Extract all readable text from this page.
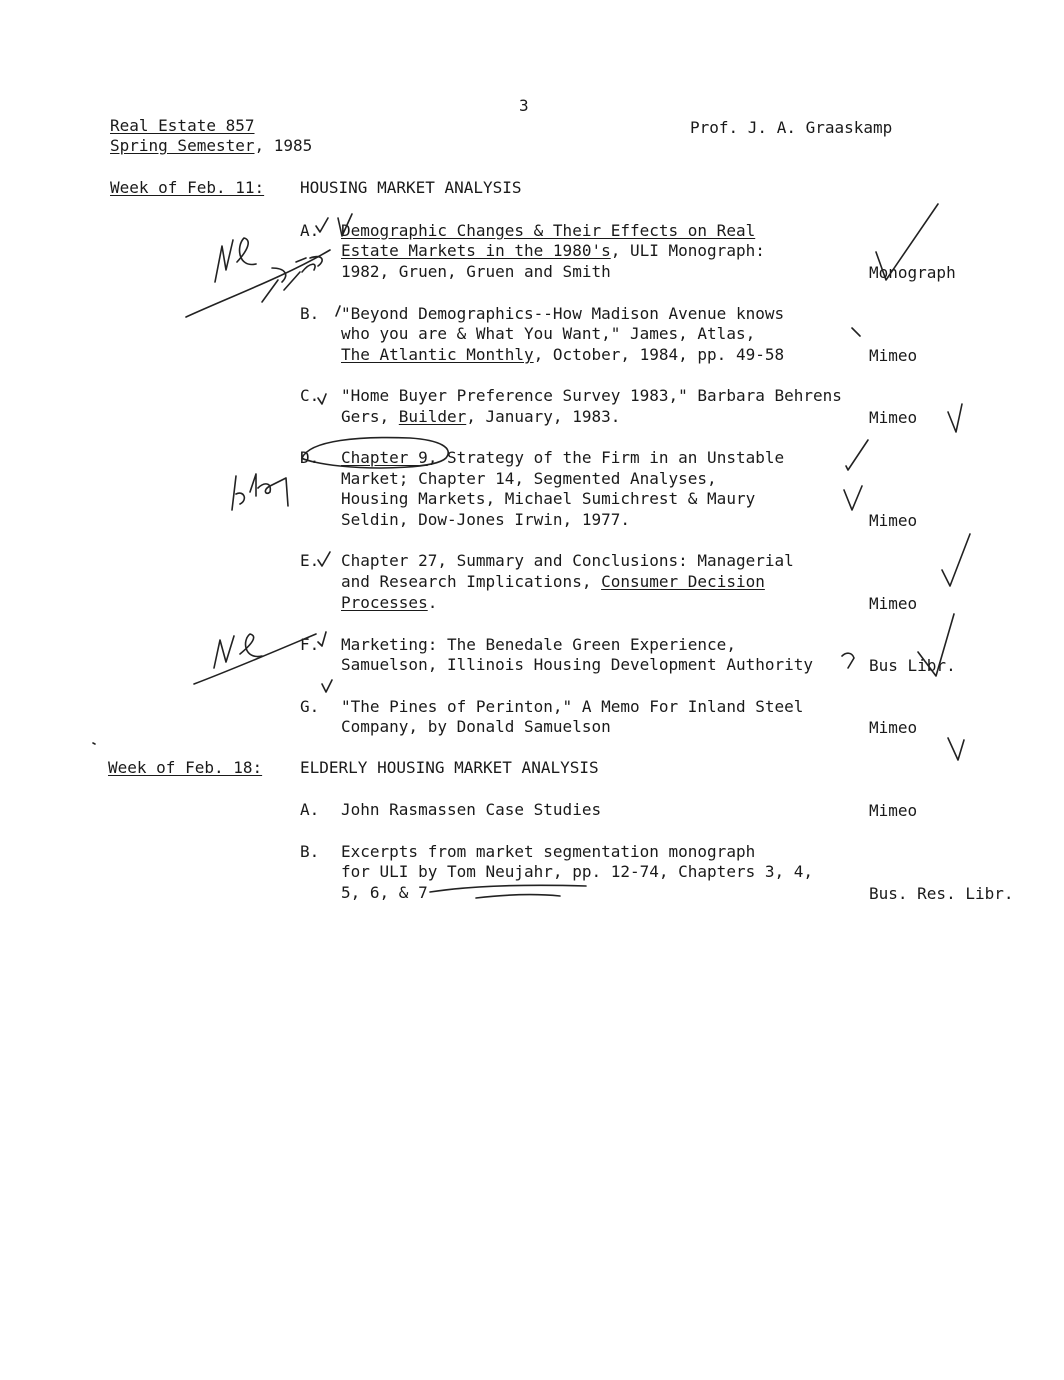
3
Real Estate 857
Spring Semester, 1985
Prof. J. A. Graaskamp
Week of Feb. 11: HOUSING MARKET ANALYSIS
A. Demographic Changes & Their Effects on Real
Estate Markets in the 1980's, ULI Monograph:
1982, Gruen, Gruen and Smith	Monograph
B. "Beyond Demographics--How Madison Avenue knows
who you are & What You Want," James, Atlas,
The Atlantic Monthly, October, 1984, pp. 49-58	Mimeo
C. "Home Buyer Preference Survey 1983," Barbara Behrens
Gers, Builder, January, 1983.	Mimeo
D. Chapter 9, Strategy of the Firm in an Unstable
Market; Chapter 14, Segmented Analyses,
Housing Markets, Michael Sumichrest & Maury
Seldin, Dow-Jones Irwin, 1977.	Mimeo
E. Chapter 27, Summary and Conclusions: Managerial
and Research Implications, Consumer Decision
Processes.	Mimeo
F. Marketing: The Benedale Green Experience,
Samuelson, Illinois Housing Development Authority	Bus Libr.
G. "The Pines of Perinton," A Memo For Inland Steel
Company, by Donald Samuelson	Mimeo
Week of Feb. 18: ELDERLY HOUSING MARKET ANALYSIS
A. John Rasmassen Case Studies	Mimeo
B. Excerpts from market segmentation monograph
for ULI by Tom Neujahr, pp. 12-74, Chapters 3, 4,
5, 6, & 7	Bus. Res. Libr.
